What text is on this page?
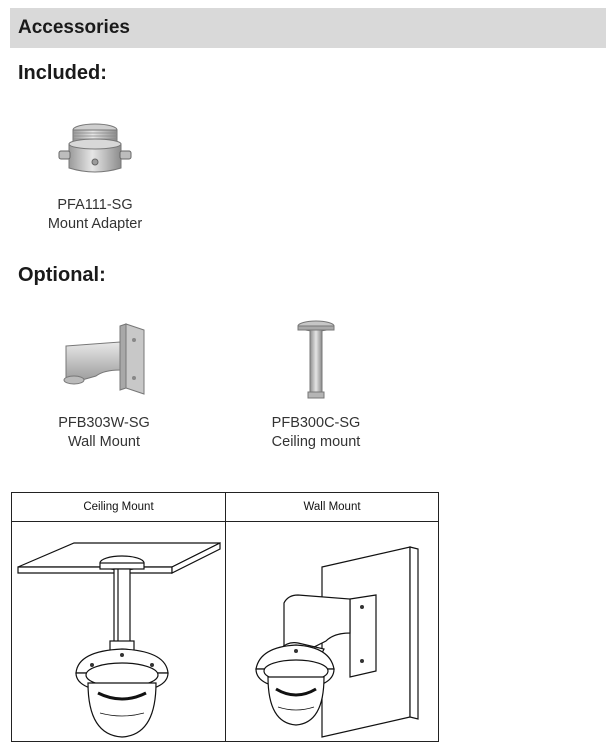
Accessories
Included:
PFA111-SG
Mount Adapter
Optional:
PFB303W-SG
Wall Mount
PFB300C-SG
Ceiling mount
Ceiling Mount	Wall Mount
